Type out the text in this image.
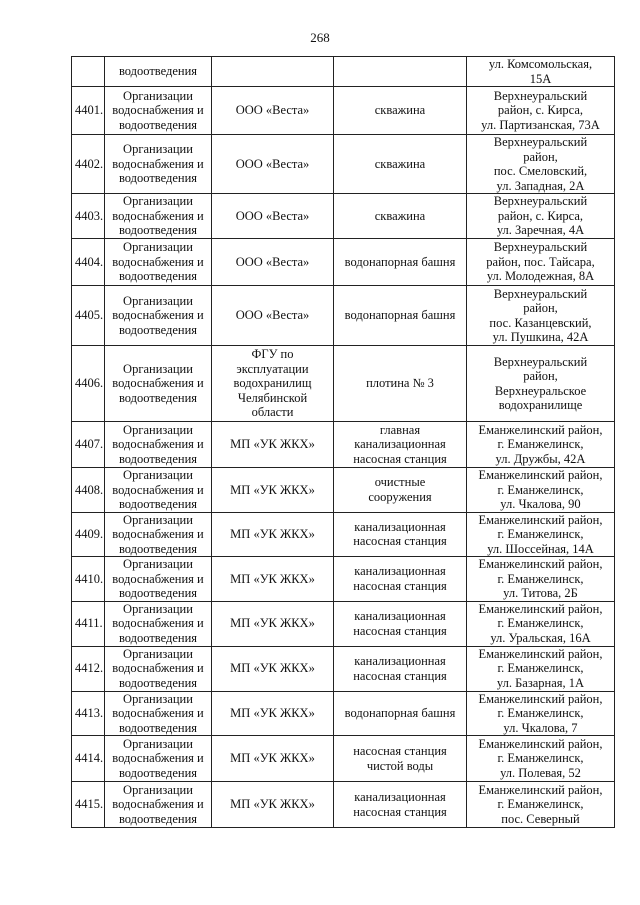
268
	водоотведения			ул. Комсомольская,
15А
4401.	Организации
водоснабжения и
водоотведения	ООО «Веста»	скважина	Верхнеуральский
район, с. Кирса,
ул. Партизанская, 73А
4402.	Организации
водоснабжения и
водоотведения	ООО «Веста»	скважина	Верхнеуральский
район,
пос. Смеловский,
ул. Западная, 2А
4403.	Организации
водоснабжения и
водоотведения	ООО «Веста»	скважина	Верхнеуральский
район, с. Кирса,
ул. Заречная, 4А
4404.	Организации
водоснабжения и
водоотведения	ООО «Веста»	водонапорная башня	Верхнеуральский
район, пос. Тайсара,
ул. Молодежная, 8А
4405.	Организации
водоснабжения и
водоотведения	ООО «Веста»	водонапорная башня	Верхнеуральский
район,
пос. Казанцевский,
ул. Пушкина, 42А
4406.	Организации
водоснабжения и
водоотведения	ФГУ по
эксплуатации
водохранилищ
Челябинской
области	плотина № 3	Верхнеуральский
район,
Верхнеуральское
водохранилище
4407.	Организации
водоснабжения и
водоотведения	МП «УК ЖКХ»	главная
канализационная
насосная станция	Еманжелинский район,
г. Еманжелинск,
ул. Дружбы, 42А
4408.	Организации
водоснабжения и
водоотведения	МП «УК ЖКХ»	очистные
сооружения	Еманжелинский район,
г. Еманжелинск,
ул. Чкалова, 90
4409.	Организации
водоснабжения и
водоотведения	МП «УК ЖКХ»	канализационная
насосная станция	Еманжелинский район,
г. Еманжелинск,
ул. Шоссейная, 14А
4410.	Организации
водоснабжения и
водоотведения	МП «УК ЖКХ»	канализационная
насосная станция	Еманжелинский район,
г. Еманжелинск,
ул. Титова, 2Б
4411.	Организации
водоснабжения и
водоотведения	МП «УК ЖКХ»	канализационная
насосная станция	Еманжелинский район,
г. Еманжелинск,
ул. Уральская, 16А
4412.	Организации
водоснабжения и
водоотведения	МП «УК ЖКХ»	канализационная
насосная станция	Еманжелинский район,
г. Еманжелинск,
ул. Базарная, 1А
4413.	Организации
водоснабжения и
водоотведения	МП «УК ЖКХ»	водонапорная башня	Еманжелинский район,
г. Еманжелинск,
ул. Чкалова, 7
4414.	Организации
водоснабжения и
водоотведения	МП «УК ЖКХ»	насосная станция
чистой воды	Еманжелинский район,
г. Еманжелинск,
ул. Полевая, 52
4415.	Организации
водоснабжения и
водоотведения	МП «УК ЖКХ»	канализационная
насосная станция	Еманжелинский район,
г. Еманжелинск,
пос. Северный
